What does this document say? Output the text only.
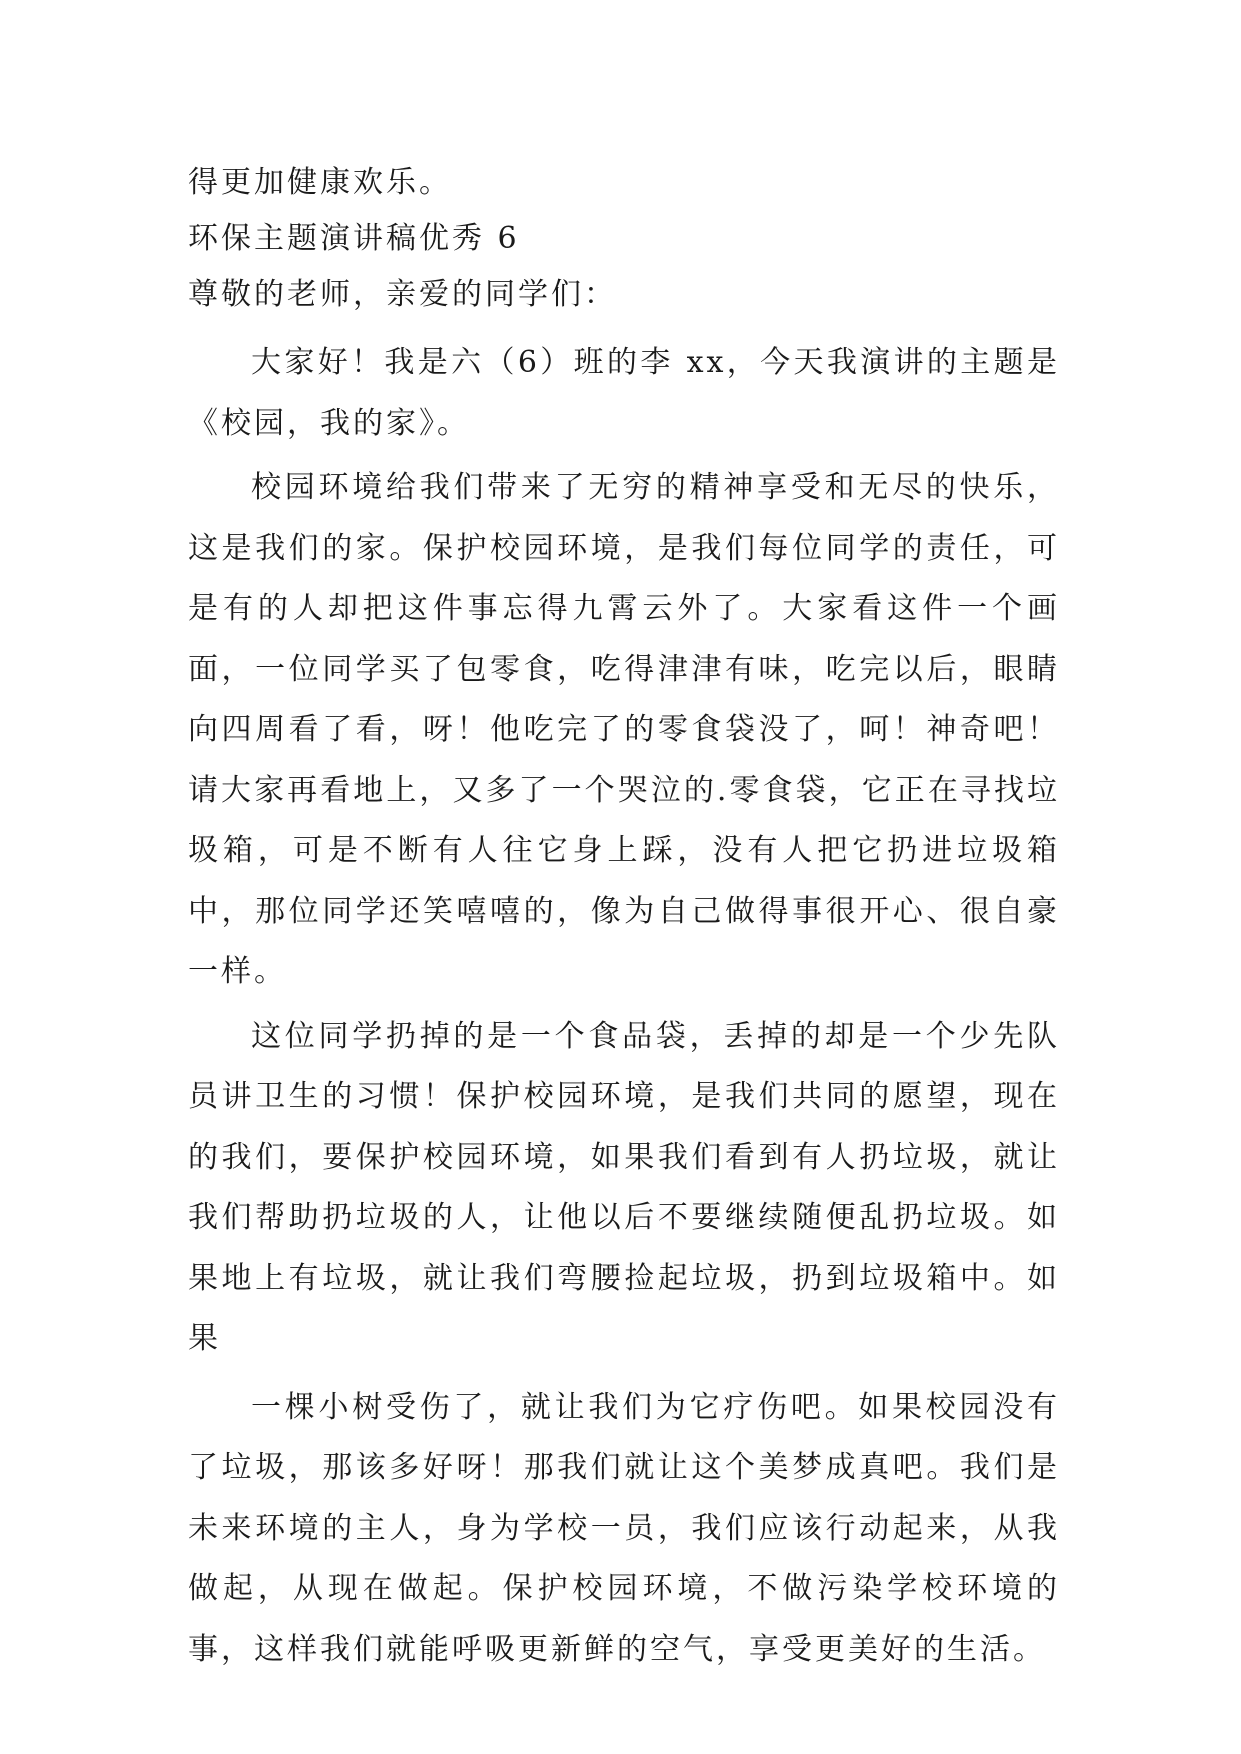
得更加健康欢乐。

环保主题演讲稿优秀 6

尊敬的老师，亲爱的同学们：

大家好！我是六（6）班的李 xx，今天我演讲的主题是《校园，我的家》。

校园环境给我们带来了无穷的精神享受和无尽的快乐，这是我们的家。保护校园环境，是我们每位同学的责任，可是有的人却把这件事忘得九霄云外了。大家看这件一个画面，一位同学买了包零食，吃得津津有味，吃完以后，眼睛向四周看了看，呀！他吃完了的零食袋没了，呵！神奇吧！请大家再看地上，又多了一个哭泣的.零食袋，它正在寻找垃圾箱，可是不断有人往它身上踩，没有人把它扔进垃圾箱中，那位同学还笑嘻嘻的，像为自己做得事很开心、很自豪一样。

这位同学扔掉的是一个食品袋，丢掉的却是一个少先队员讲卫生的习惯！保护校园环境，是我们共同的愿望，现在的我们，要保护校园环境，如果我们看到有人扔垃圾，就让我们帮助扔垃圾的人，让他以后不要继续随便乱扔垃圾。如果地上有垃圾，就让我们弯腰捡起垃圾，扔到垃圾箱中。如果

一棵小树受伤了，就让我们为它疗伤吧。如果校园没有了垃圾，那该多好呀！那我们就让这个美梦成真吧。我们是未来环境的主人，身为学校一员，我们应该行动起来，从我做起，从现在做起。保护校园环境，不做污染学校环境的事，这样我们就能呼吸更新鲜的空气，享受更美好的生活。
